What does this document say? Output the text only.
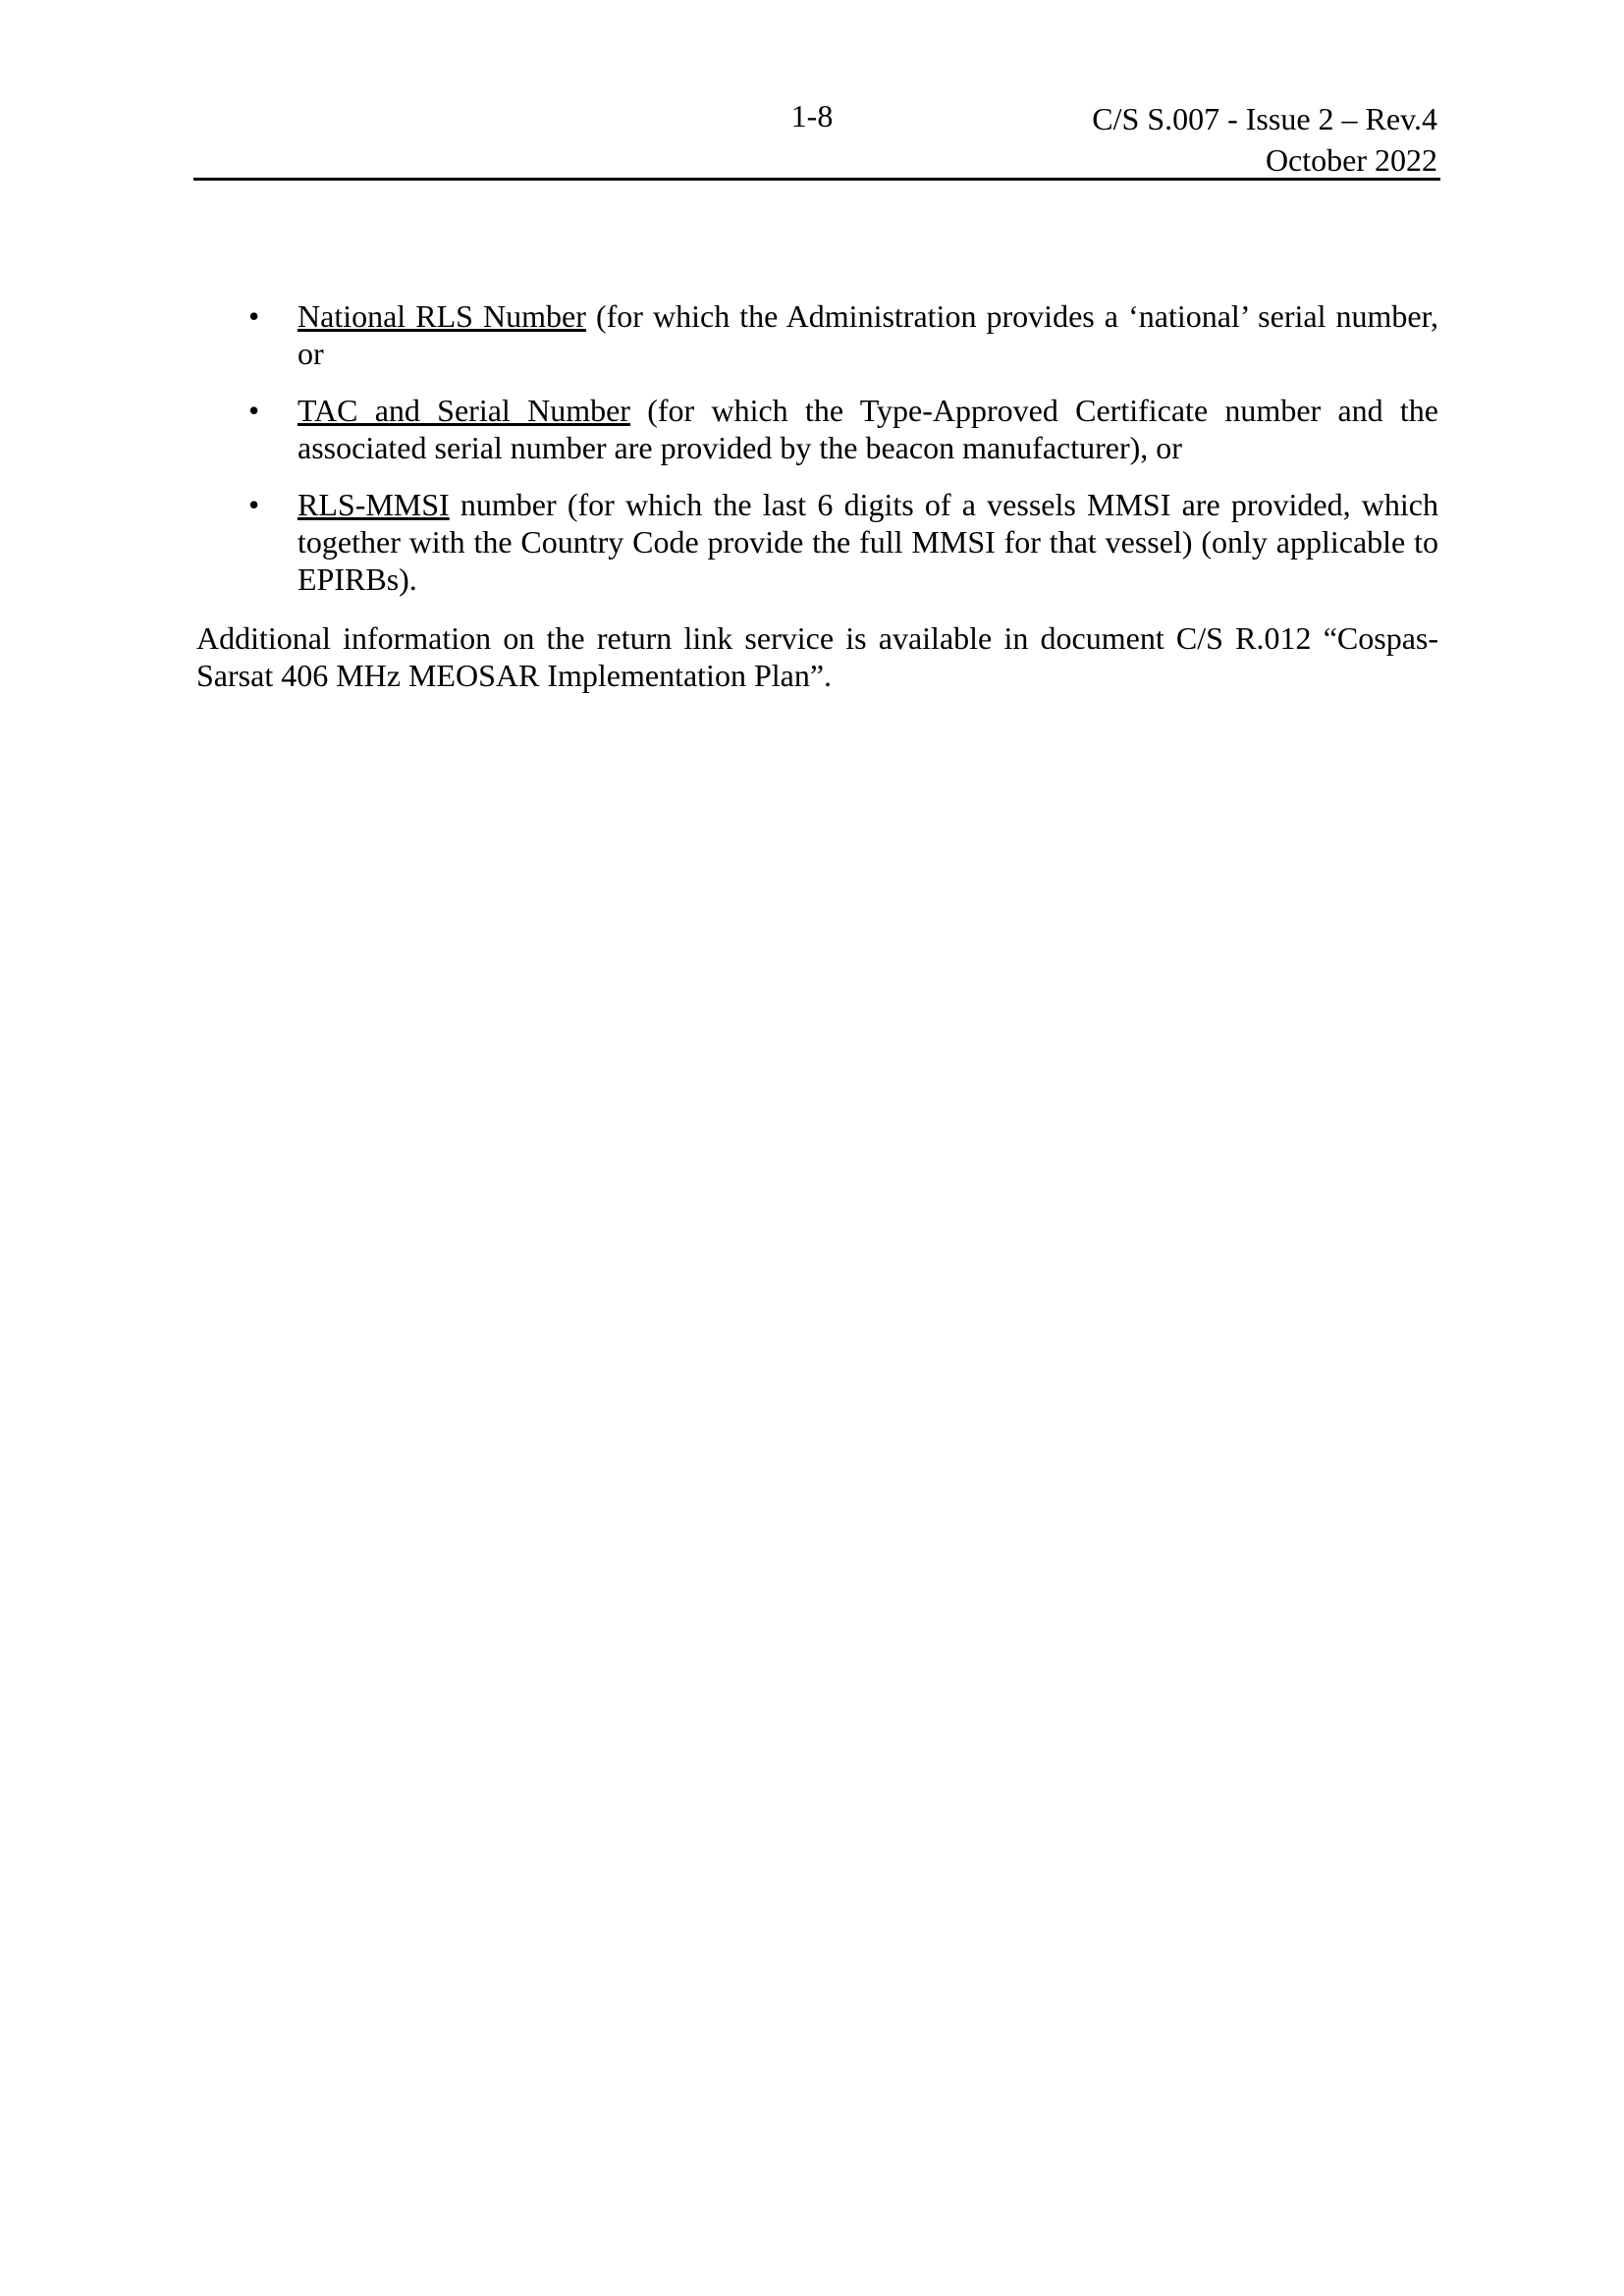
1-8	C/S S.007 - Issue 2 – Rev.4
October 2022
• National RLS Number (for which the Administration provides a ‘national’ serial number, or
• TAC and Serial Number (for which the Type-Approved Certificate number and the associated serial number are provided by the beacon manufacturer), or
• RLS-MMSI number (for which the last 6 digits of a vessels MMSI are provided, which together with the Country Code provide the full MMSI for that vessel) (only applicable to EPIRBs).

Additional information on the return link service is available in document C/S R.012 “Cospas-Sarsat 406 MHz MEOSAR Implementation Plan”.
